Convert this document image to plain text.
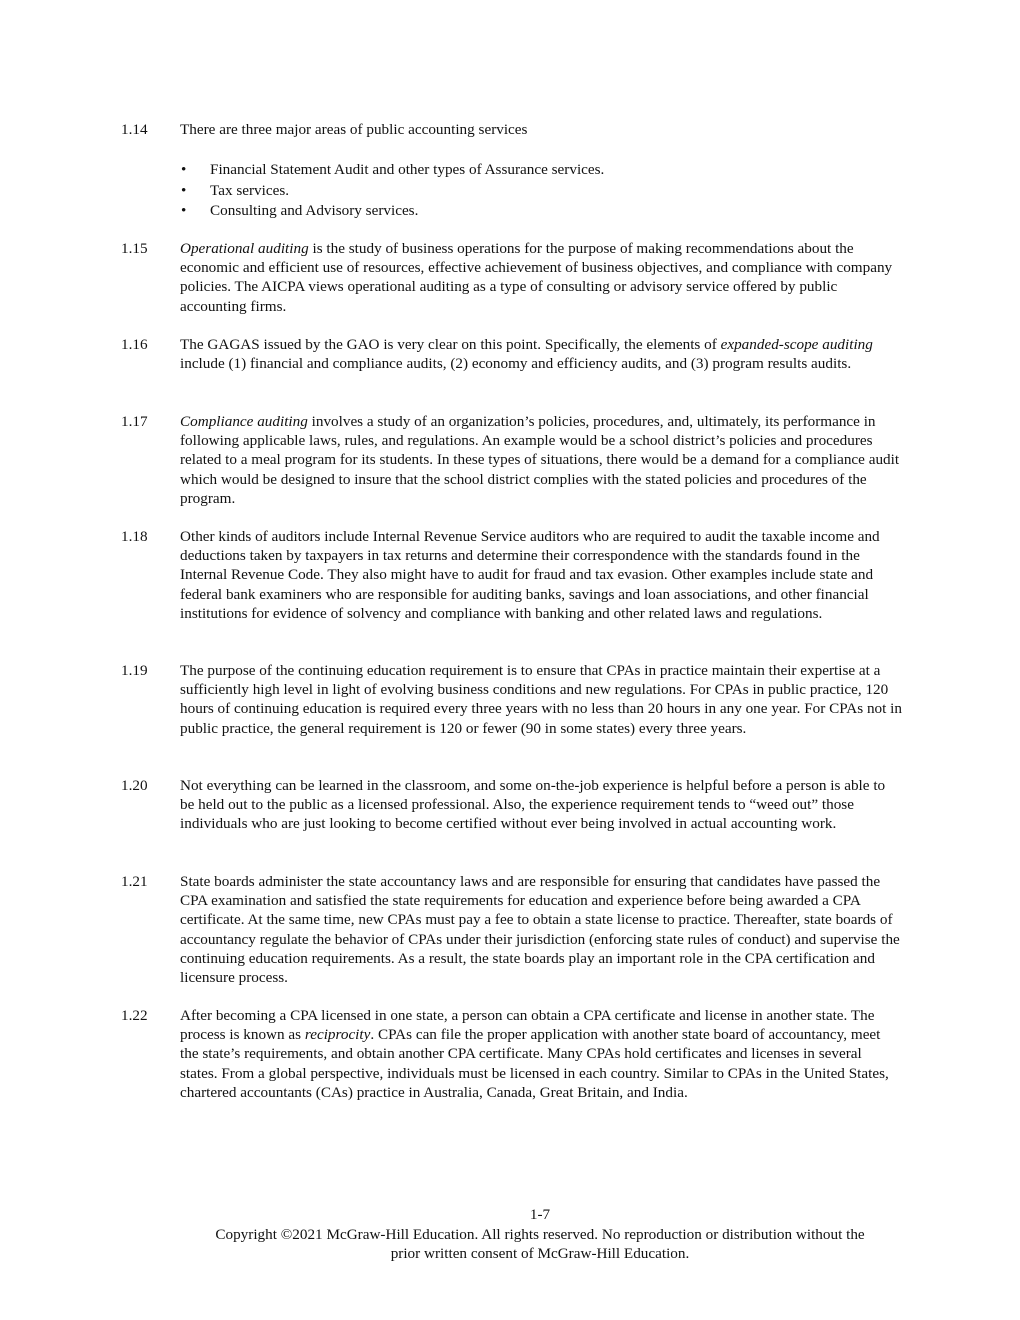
1.14	There are three major areas of public accounting services
• Financial Statement Audit and other types of Assurance services.
• Tax services.
• Consulting and Advisory services.
1.15	Operational auditing is the study of business operations for the purpose of making recommendations about the economic and efficient use of resources, effective achievement of business objectives, and compliance with company policies. The AICPA views operational auditing as a type of consulting or advisory service offered by public accounting firms.
1.16	The GAGAS issued by the GAO is very clear on this point. Specifically, the elements of expanded-scope auditing include (1) financial and compliance audits, (2) economy and efficiency audits, and (3) program results audits.
1.17	Compliance auditing involves a study of an organization’s policies, procedures, and, ultimately, its performance in following applicable laws, rules, and regulations. An example would be a school district’s policies and procedures related to a meal program for its students. In these types of situations, there would be a demand for a compliance audit which would be designed to insure that the school district complies with the stated policies and procedures of the program.
1.18	Other kinds of auditors include Internal Revenue Service auditors who are required to audit the taxable income and deductions taken by taxpayers in tax returns and determine their correspondence with the standards found in the Internal Revenue Code. They also might have to audit for fraud and tax evasion. Other examples include state and federal bank examiners who are responsible for auditing banks, savings and loan associations, and other financial institutions for evidence of solvency and compliance with banking and other related laws and regulations.
1.19	The purpose of the continuing education requirement is to ensure that CPAs in practice maintain their expertise at a sufficiently high level in light of evolving business conditions and new regulations. For CPAs in public practice, 120 hours of continuing education is required every three years with no less than 20 hours in any one year. For CPAs not in public practice, the general requirement is 120 or fewer (90 in some states) every three years.
1.20	Not everything can be learned in the classroom, and some on-the-job experience is helpful before a person is able to be held out to the public as a licensed professional. Also, the experience requirement tends to “weed out” those individuals who are just looking to become certified without ever being involved in actual accounting work.
1.21	State boards administer the state accountancy laws and are responsible for ensuring that candidates have passed the CPA examination and satisfied the state requirements for education and experience before being awarded a CPA certificate. At the same time, new CPAs must pay a fee to obtain a state license to practice. Thereafter, state boards of accountancy regulate the behavior of CPAs under their jurisdiction (enforcing state rules of conduct) and supervise the continuing education requirements. As a result, the state boards play an important role in the CPA certification and licensure process.
1.22	After becoming a CPA licensed in one state, a person can obtain a CPA certificate and license in another state. The process is known as reciprocity. CPAs can file the proper application with another state board of accountancy, meet the state’s requirements, and obtain another CPA certificate. Many CPAs hold certificates and licenses in several states. From a global perspective, individuals must be licensed in each country. Similar to CPAs in the United States, chartered accountants (CAs) practice in Australia, Canada, Great Britain, and India.
1-7
Copyright ©2021 McGraw-Hill Education. All rights reserved. No reproduction or distribution without the
prior written consent of McGraw-Hill Education.
